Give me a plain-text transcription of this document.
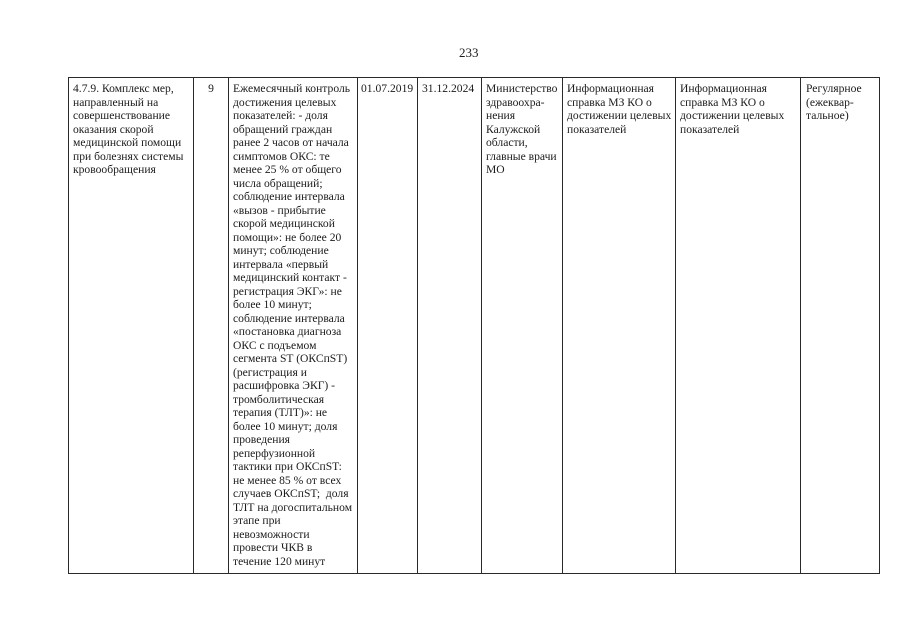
233
4.7.9. Комплекс мер,
направленный на
совершенствование
оказания скорой
медицинской помощи
при болезнях системы
кровообращения
9	Ежемесячный контроль
достижения целевых
показателей: - доля
обращений граждан
ранее 2 часов от начала
симптомов ОКС: те
менее 25 % от общего
числа обращений;
соблюдение интервала
«вызов - прибытие
скорой медицинской
помощи»: не более 20
минут; соблюдение
интервала «первый
медицинский контакт -
регистрация ЭКГ»: не
более 10 минут;
соблюдение интервала
«постановка диагноза
ОКС с подъемом
сегмента ST (ОКСпST)
(регистрация и
расшифровка ЭКГ) -
тромболитическая
терапия (ТЛТ)»: не
более 10 минут; доля
проведения
реперфузионной
тактики при ОКСпST:
не менее 85 % от всех
случаев ОКСпST;  доля
ТЛТ на догоспитальном
этапе при
невозможности
провести ЧКВ в
течение 120 минут
01.07.2019 31.12.2024	Министерство
здравоохра-
нения
Калужской
области,
главные врачи
МО
Информационная
справка МЗ КО о
достижении целевых
показателей
Информационная
справка МЗ КО о
достижении целевых
показателей
Регулярное
(ежеквар-
тальное)
